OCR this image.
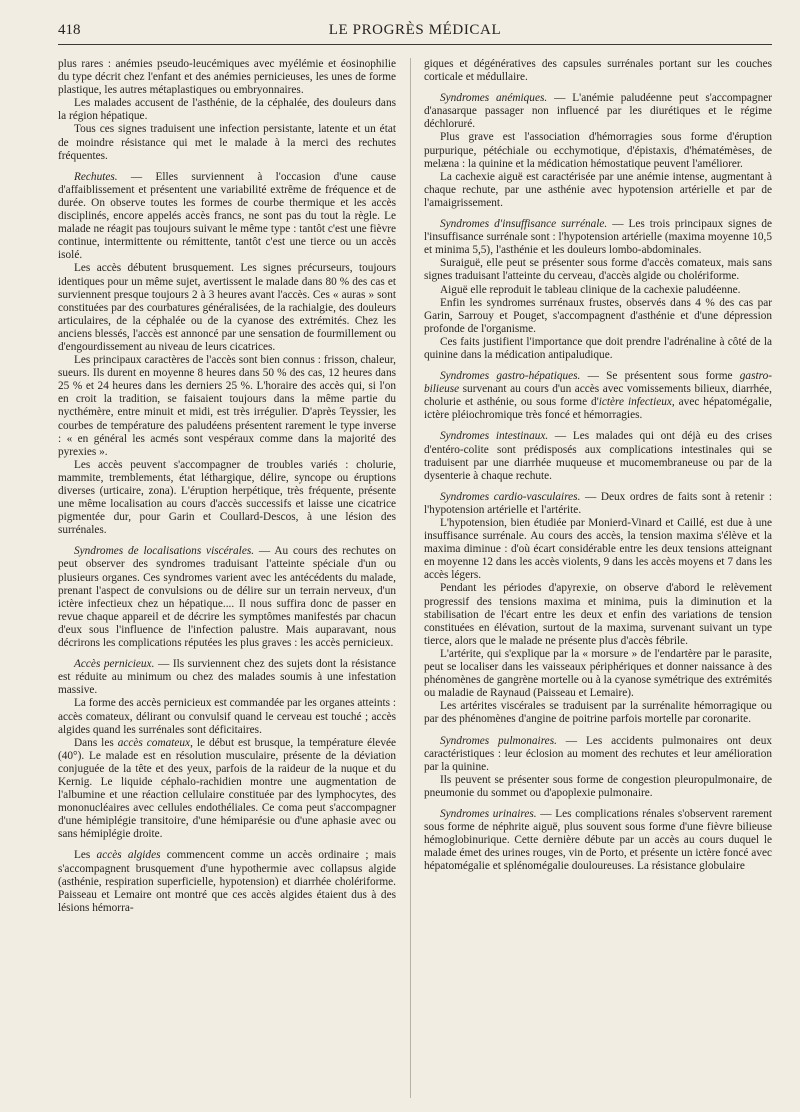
418	LE PROGRÈS MÉDICAL

plus rares : anémies pseudo-leucémiques avec myélémie et éosinophilie du type décrit chez l'enfant et des anémies pernicieuses, les unes de forme plastique, les autres métaplastiques ou embryonnaires.

Les malades accusent de l'asthénie, de la céphalée, des douleurs dans la région hépatique.

Tous ces signes traduisent une infection persistante, latente et un état de moindre résistance qui met le malade à la merci des rechutes fréquentes.

Rechutes. — Elles surviennent à l'occasion d'une cause d'affaiblissement et présentent une variabilité extrême de fréquence et de durée. On observe toutes les formes de courbe thermique et les accès disciplinés, encore appelés accès francs, ne sont pas du tout la règle. Le malade ne réagit pas toujours suivant le même type : tantôt c'est une fièvre continue, intermittente ou rémittente, tantôt c'est une tierce ou un accès isolé.

Les accès débutent brusquement. Les signes précurseurs, toujours identiques pour un même sujet, avertissent le malade dans 80 % des cas et surviennent presque toujours 2 à 3 heures avant l'accès. Ces « auras » sont constituées par des courbatures généralisées, de la rachialgie, des douleurs articulaires, de la céphalée ou de la cyanose des extrémités. Chez les anciens blessés, l'accès est annoncé par une sensation de fourmillement ou d'engourdissement au niveau de leurs cicatrices.

Les principaux caractères de l'accès sont bien connus : frisson, chaleur, sueurs. Ils durent en moyenne 8 heures dans 50 % des cas, 12 heures dans 25 % et 24 heures dans les derniers 25 %. L'horaire des accès qui, si l'on en croit la tradition, se faisaient toujours dans la même partie du nycthémère, entre minuit et midi, est très irrégulier. D'après Teyssier, les courbes de température des paludéens présentent rarement le type inverse : « en général les acmés sont vespéraux comme dans la majorité des pyrexies ».

Les accès peuvent s'accompagner de troubles variés : cholurie, mammite, tremblements, état léthargique, délire, syncope ou éruptions diverses (urticaire, zona). L'éruption herpétique, très fréquente, présente une même localisation au cours d'accès successifs et laisse une cicatrice pigmentée dur, pour Garin et Coullard-Descos, à une lésion des surrénales.

Syndromes de localisations viscérales. — Au cours des rechutes on peut observer des syndromes traduisant l'atteinte spéciale d'un ou plusieurs organes. Ces syndromes varient avec les antécédents du malade, prenant l'aspect de convulsions ou de délire sur un terrain nerveux, d'un ictère infectieux chez un hépatique.... Il nous suffira donc de passer en revue chaque appareil et de décrire les symptômes manifestés par chacun d'eux sous l'influence de l'infection palustre. Mais auparavant, nous décrirons les complications réputées les plus graves : les accès pernicieux.

Accès pernicieux. — Ils surviennent chez des sujets dont la résistance est réduite au minimum ou chez des malades soumis à une infestation massive.

La forme des accès pernicieux est commandée par les organes atteints : accès comateux, délirant ou convulsif quand le cerveau est touché ; accès algides quand les surrénales sont déficitaires.

Dans les accès comateux, le début est brusque, la température élevée (40°). Le malade est en résolution musculaire, présente de la déviation conjuguée de la tête et des yeux, parfois de la raideur de la nuque et du Kernig. Le liquide céphalo-rachidien montre une augmentation de l'albumine et une réaction cellulaire constituée par des lymphocytes, des mononucléaires avec cellules endothéliales. Ce coma peut s'accompagner d'une hémiplégie transitoire, d'une hémiparésie ou d'une aphasie avec ou sans hémiplégie droite.

Les accès algides commencent comme un accès ordinaire ; mais s'accompagnent brusquement d'une hypothermie avec collapsus algide (asthénie, respiration superficielle, hypotension) et diarrhée cholériforme. Paisseau et Lemaire ont montré que ces accès algides étaient dus à des lésions hémorra-

giques et dégénératives des capsules surrénales portant sur les couches corticale et médullaire.

Syndromes anémiques. — L'anémie paludéenne peut s'accompagner d'anasarque passager non influencé par les diurétiques et le régime déchloruré.

Plus grave est l'association d'hémorragies sous forme d'éruption purpurique, pétéchiale ou ecchymotique, d'épistaxis, d'hématémèses, de melæna : la quinine et la médication hémostatique peuvent l'améliorer.

La cachexie aiguë est caractérisée par une anémie intense, augmentant à chaque rechute, par une asthénie avec hypotension artérielle et par de l'amaigrissement.

Syndromes d'insuffisance surrénale. — Les trois principaux signes de l'insuffisance surrénale sont : l'hypotension artérielle (maxima moyenne 10,5 et minima 5,5), l'asthénie et les douleurs lombo-abdominales.

Suraiguë, elle peut se présenter sous forme d'accès comateux, mais sans signes traduisant l'atteinte du cerveau, d'accès algide ou cholériforme.

Aiguë elle reproduit le tableau clinique de la cachexie paludéenne.

Enfin les syndromes surrénaux frustes, observés dans 4 % des cas par Garin, Sarrouy et Pouget, s'accompagnent d'asthénie et d'une dépression profonde de l'organisme.

Ces faits justifient l'importance que doit prendre l'adrénaline à côté de la quinine dans la médication antipaludique.

Syndromes gastro-hépatiques. — Se présentent sous forme gastro-bilieuse survenant au cours d'un accès avec vomissements bilieux, diarrhée, cholurie et asthénie, ou sous forme d'ictère infectieux, avec hépatomégalie, ictère pléiochromique très foncé et hémorragies.

Syndromes intestinaux. — Les malades qui ont déjà eu des crises d'entéro-colite sont prédisposés aux complications intestinales qui se traduisent par une diarrhée muqueuse et mucomembraneuse ou par de la dysenterie à chaque rechute.

Syndromes cardio-vasculaires. — Deux ordres de faits sont à retenir : l'hypotension artérielle et l'artérite.

L'hypotension, bien étudiée par Monierd-Vinard et Caillé, est due à une insuffisance surrénale. Au cours des accès, la tension maxima s'élève et la maxima diminue : d'où écart considérable entre les deux tensions atteignant en moyenne 12 dans les accès violents, 9 dans les accès moyens et 7 dans les accès légers.

Pendant les périodes d'apyrexie, on observe d'abord le relèvement progressif des tensions maxima et minima, puis la diminution et la stabilisation de l'écart entre les deux et enfin des variations de tension constituées en élévation, surtout de la maxima, survenant suivant un type tierce, alors que le malade ne présente plus d'accès fébrile.

L'artérite, qui s'explique par la « morsure » de l'endartère par le parasite, peut se localiser dans les vaisseaux périphériques et donner naissance à des phénomènes de gangrène mortelle ou à la cyanose symétrique des extrémités ou maladie de Raynaud (Paisseau et Lemaire).

Les artérites viscérales se traduisent par la surrénalite hémorragique ou par des phénomènes d'angine de poitrine parfois mortelle par coronarite.

Syndromes pulmonaires. — Les accidents pulmonaires ont deux caractéristiques : leur éclosion au moment des rechutes et leur amélioration par la quinine.

Ils peuvent se présenter sous forme de congestion pleuropulmonaire, de pneumonie du sommet ou d'apoplexie pulmonaire.

Syndromes urinaires. — Les complications rénales s'observent rarement sous forme de néphrite aiguë, plus souvent sous forme d'une fièvre bilieuse hémoglobinurique. Cette dernière débute par un accès au cours duquel le malade émet des urines rouges, vin de Porto, et présente un ictère foncé avec hépatomégalie et splénomégalie douloureuses. La résistance globulaire
